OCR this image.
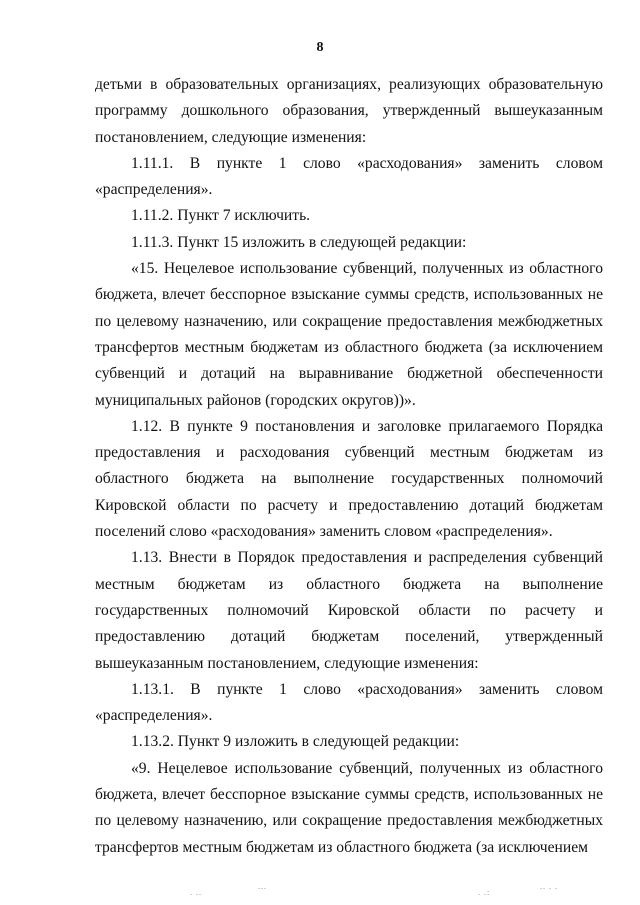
8

детьми в образовательных организациях, реализующих образовательную программу дошкольного образования, утвержденный вышеуказанным постановлением, следующие изменения:

1.11.1. В пункте 1 слово «расходования» заменить словом «распределения».

1.11.2. Пункт 7 исключить.

1.11.3. Пункт 15 изложить в следующей редакции:

«15. Нецелевое использование субвенций, полученных из областного бюджета, влечет бесспорное взыскание суммы средств, использованных не по целевому назначению, или сокращение предоставления межбюджетных трансфертов местным бюджетам из областного бюджета (за исключением субвенций и дотаций на выравнивание бюджетной обеспеченности муниципальных районов (городских округов))».

1.12. В пункте 9 постановления и заголовке прилагаемого Порядка предоставления и расходования субвенций местным бюджетам из областного бюджета на выполнение государственных полномочий Кировской области по расчету и предоставлению дотаций бюджетам поселений слово «расходования» заменить словом «распределения».

1.13. Внести в Порядок предоставления и распределения субвенций местным бюджетам из областного бюджета на выполнение государственных полномочий Кировской области по расчету и предоставлению дотаций бюджетам поселений, утвержденный вышеуказанным постановлением, следующие изменения:

1.13.1. В пункте 1 слово «расходования» заменить словом «распределения».

1.13.2. Пункт 9 изложить в следующей редакции:

«9. Нецелевое использование субвенций, полученных из областного бюджета, влечет бесспорное взыскание суммы средств, использованных не по целевому назначению, или сокращение предоставления межбюджетных трансфертов местным бюджетам из областного бюджета (за исключением

. ..
...
. .:
.. . .
